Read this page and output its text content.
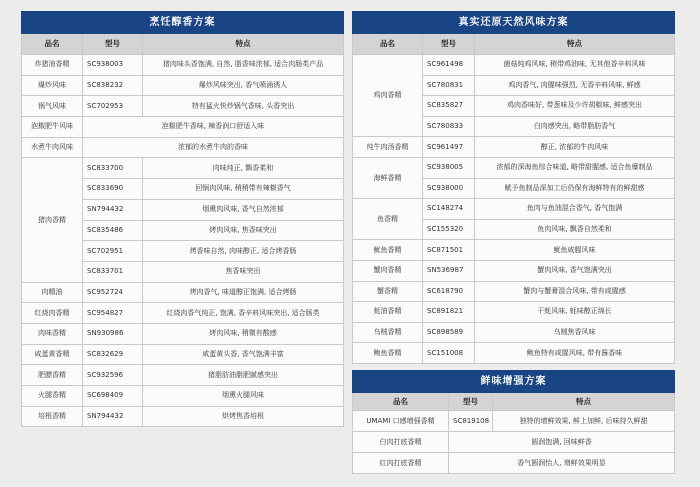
烹饪醇香方案		
品名	型号	特点
炸猪油香精	SC938003	猪肉味头香饱满, 自然, 脂香味浓郁, 适合肉肠类产品
爆炒风味	SC838232	爆炒风味突出, 香气喷涌诱人
锅气风味	SC702953	特有猛火快炒锅气香味, 头香突出
泡椒肥牛风味	泡椒肥牛香味, 辣香润口舒适入味	
水煮牛肉风味	浓郁的水煮牛肉的香味	
猪肉香精	SC833700	肉味纯正, 飘香柔和
	SC833690	回锅肉风味, 稍稍带有辣椒香气
	SN794432	烟熏肉风味, 香气自然浓郁
	SC835486	烤肉风味, 焦香味突出
	SC702951	烤香味自然, 肉味醇正, 适合烤香肠
	SC833701	焦香味突出
肉精油	SC952724	烤肉香气, 味道醇正饱满, 适合烤肠
红烧肉香精	SC954827	红烧肉香气纯正, 饱满, 香辛料风味突出, 适合肠类
肉味香精	SN930986	烤肉风味, 稍微有酸感
咸蛋黄香精	SC832629	咸蛋黄头香, 香气饱满丰富
肥膘香精	SC932596	猪脂肪油脂肥腻感突出
火腿香精	SC698409	烟熏火腿风味
培根香精	SN794432	烘烤焦香培根
真实还原天然风味方案		
品名	型号	特点
鸡肉香精	SC961498	菌菇炖鸡风味, 稍带鸡油味, 无其他香辛料风味
	SC780831	鸡肉香气, 肉腥味强烈, 无香辛料风味, 鲜感
	SC835827	鸡肉香味好, 带葱味及少许胡椒味, 鲜感突出
	SC780833	白肉感突出, 略带脂肪香气
纯牛肉汤香精	SC961497	醇正, 浓郁的牛肉风味
海鲜香精	SC938005	浓郁的深海鱼综合味道, 略带甜腥感, 适合鱼糜制品
	SC938000	赋予鱼制品深加工后仍保有海鲜特有的鲜甜感
鱼香精	SC148274	鱼肉与鱼油混合香气, 香气饱满
	SC155320	鱼肉风味, 飘香自然柔和
鱿鱼香精	SC871501	鱿鱼咸腥风味
蟹肉香精	SN536987	蟹肉风味, 香气饱满突出
蟹香精	SC618790	蟹肉与蟹膏混合风味, 带有咸腥感
蚝油香精	SC891821	干蚝风味, 蚝味醇正绵长
乌贼香精	SC898589	乌贼焦香风味
鲍鱼香精	SC151008	鲍鱼特有咸腥风味, 带有酱香味
鲜味增强方案		
品名	型号	特点
UMAMI 口感增强香精	SC819108	独特的增鲜效果, 鲜上加鲜, 后味持久鲜甜
白肉打底香精	圆润饱满, 回味鲜香	
红肉打底香精	香气圆润怡人, 增鲜效果明显	
